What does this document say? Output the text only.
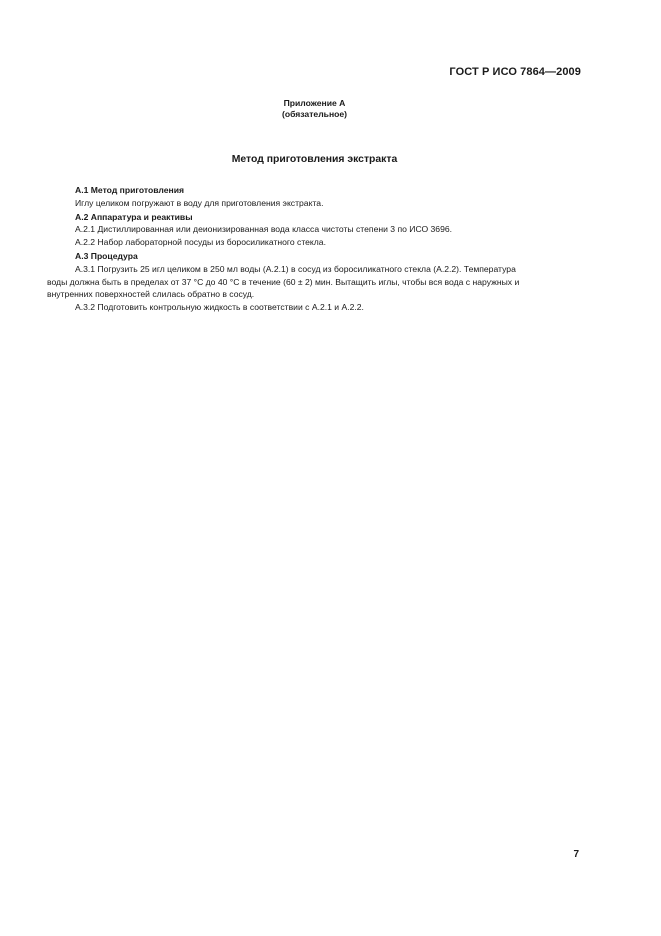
ГОСТ Р ИСО 7864—2009
Приложение А
(обязательное)
Метод приготовления экстракта

А.1 Метод приготовления

Иглу целиком погружают в воду для приготовления экстракта.

А.2 Аппаратура и реактивы

А.2.1 Дистиллированная или деионизированная вода класса чистоты степени 3 по ИСО 3696.

А.2.2 Набор лабораторной посуды из боросиликатного стекла.

А.3 Процедура

А.3.1 Погрузить 25 игл целиком в 250 мл воды (А.2.1) в сосуд из боросиликатного стекла (А.2.2). Температура

воды должна быть в пределах от 37 °С до 40 °С в течение (60 ± 2) мин. Вытащить иглы, чтобы вся вода с наружных и

внутренних поверхностей слилась обратно в сосуд.

А.3.2 Подготовить контрольную жидкость в соответствии с А.2.1 и А.2.2.

7
